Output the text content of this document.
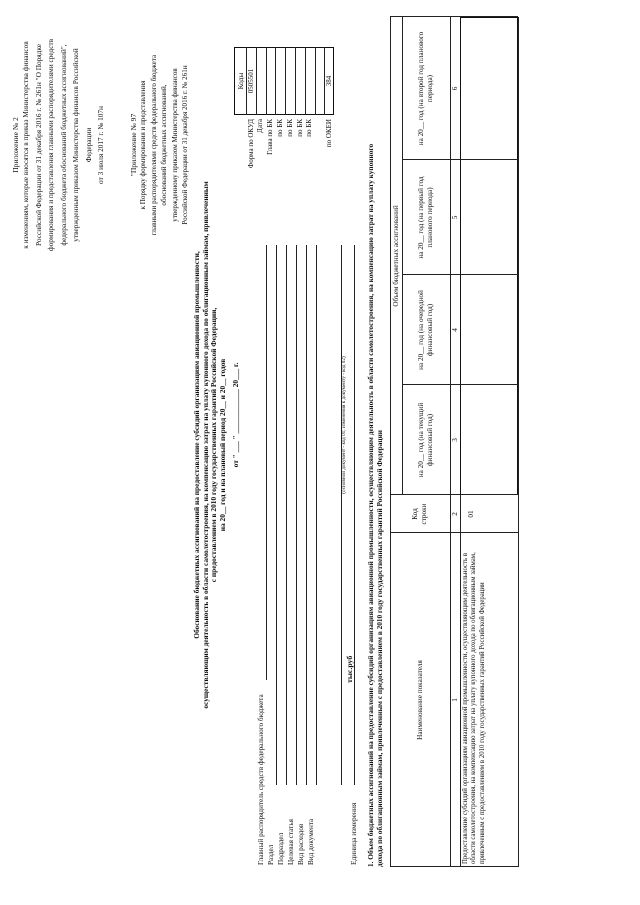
Приложение № 2 к изменениям, которые вносятся в приказ Министерства финансов Российской Федерации от 31 декабря 2016 г. № 261н "О Порядке формирования и представления главными распорядителями средств федерального бюджета обоснований бюджетных ассигнований", утвержденным приказом Министерства финансов Российской Федерации от 3 июля 2017 г. № 107н	"Приложение № 97 к Порядку формирования и представления главными распорядителями средств федерального бюджета обоснований бюджетных ассигнований, утвержденному приказом Министерства финансов Российской Федерации от 31 декабря 2016 г. № 261н
Обоснование бюджетных ассигнований на предоставление субсидий организациям авиационной промышленности, осуществляющим деятельность в области самолетостроения, на компенсацию затрат на уплату купонного дохода по облигационным займам, привлеченным с предоставлением в 2010 году государственных гарантий Российской Федерации, на 20__ год и на плановый период 20__ и 20__ годов от " ___ " ____________ 20___ г.
Коды
Форма по ОКУД
0505501
Дата Глава по БК по БК по БК по БК по БК по ОКЕИ
384
Главный распорядитель средств федерального бюджета Раздел Подраздел Целевая статья Вид расходов Вид документа
(основной документ - код 01; изменения к документу - код 02)
Единица измерения
тыс.руб 1. Объем бюджетных ассигнований на предоставление субсидий организациям авиационной промышленности, осуществляющим деятельность в области самолетостроения, на компенсацию затрат на уплату купонного дохода по облигационным займам, привлеченным с предоставлением в 2010 году государственных гарантий Российской Федерации	Наименование показателя
Код строки
Объем бюджетных ассигнований
на 20__ год (на текущий финансовый год)
на 20__ год (на очередной финансовый год)
на 20__ год (на первый год планового периода)
на 20__ год (на второй год планового периода)
1
2
3
4
5
6
Предоставление субсидий организациям авиационной промышленности, осуществляющим деятельность в области самолетостроения, на компенсацию затрат на уплату купонного дохода по облигационным займам, привлеченным с предоставлением в 2010 году государственных гарантий Российской Федерации
01
